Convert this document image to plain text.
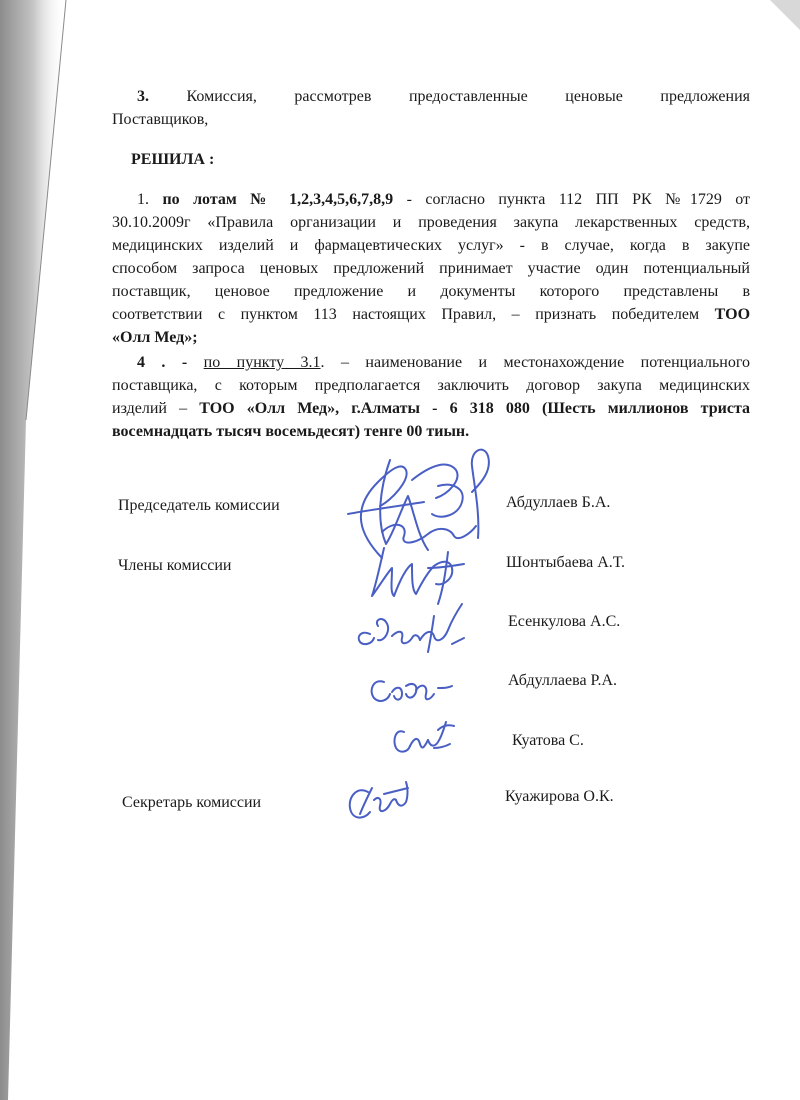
3. Комиссия, рассмотрев предоставленные ценовые предложения
Поставщиков,
РЕШИЛА :
1. по лотам № 1,2,3,4,5,6,7,8,9 - согласно пункта 112 ПП РК №1729 от
30.10.2009г «Правила организации и проведения закупа лекарственных средств,
медицинских изделий и фармацевтических услуг» - в случае, когда в закупе
способом запроса ценовых предложений принимает участие один потенциальный
поставщик, ценовое предложение и документы которого представлены в
соответствии с пунктом 113 настоящих Правил, – признать победителем ТОО
«Олл Мед»;
4 . - по пункту 3.1. – наименование и местонахождение потенциального
поставщика, с которым предполагается заключить договор закупа медицинских
изделий – ТОО «Олл Мед», г.Алматы - 6 318 080 (Шесть миллионов триста
восемнадцать тысяч восемьдесят) тенге 00 тиын.
Председатель комиссии	Абдуллаев Б.А.
Члены комиссии	Шонтыбаева А.Т.
Есенкулова А.С.
Абдуллаева Р.А.
Куатова С.
Секретарь комиссии	Куажирова О.К.
